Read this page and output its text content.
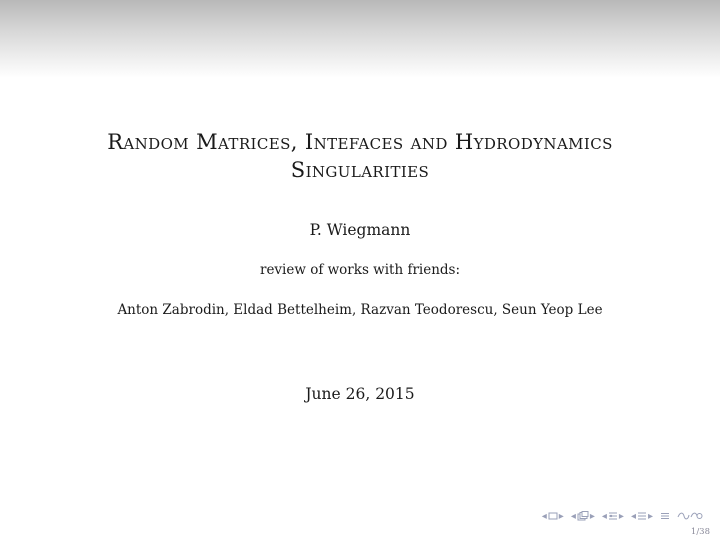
Random Matrices, Intefaces and Hydrodynamics
Singularities
P. Wiegmann
review of works with friends:
Anton Zabrodin, Eldad Bettelheim, Razvan Teodorescu, Seun Yeop Lee
June 26, 2015
◂ ▸ ◂ ▸ ◂ ▸ ◂ ▸
1/38
